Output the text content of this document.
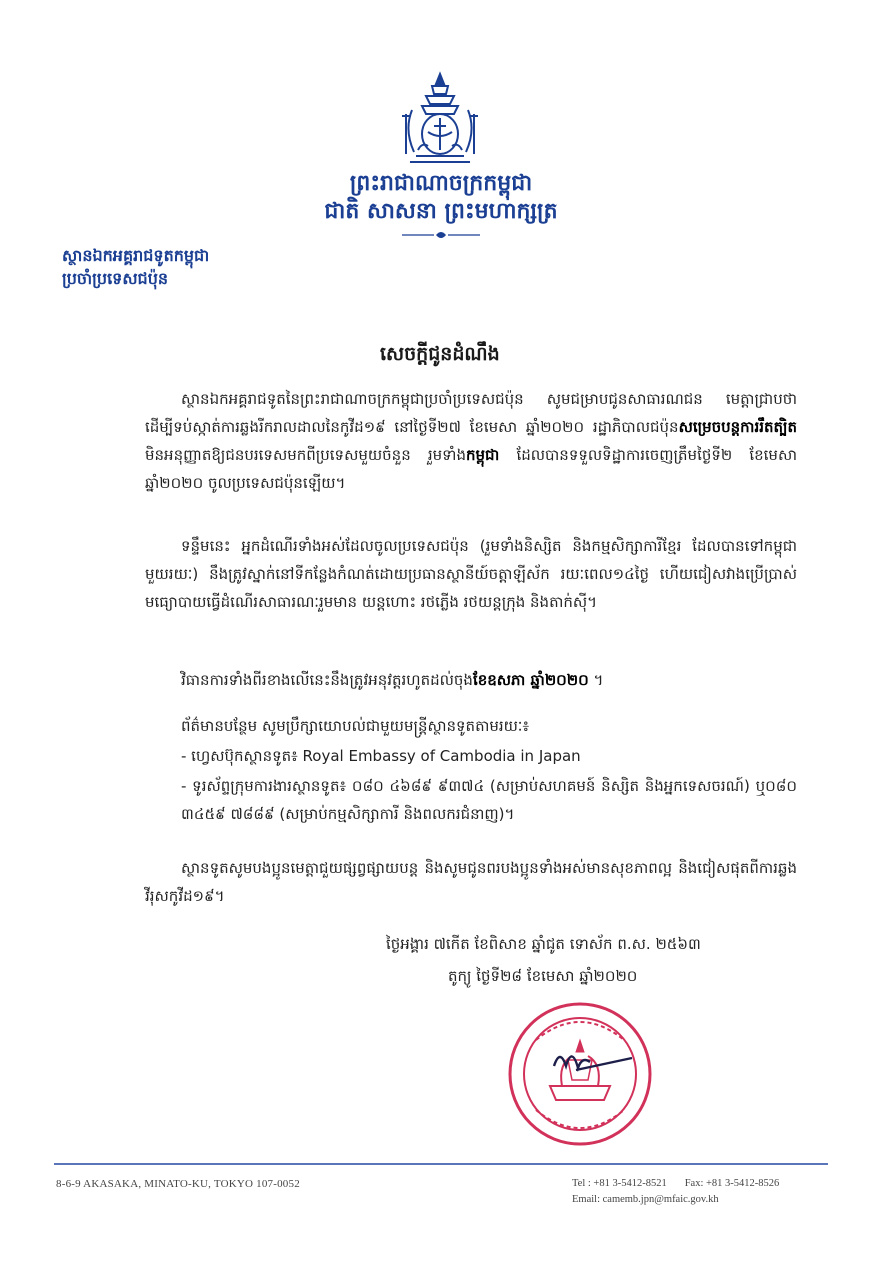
ព្រះរាជាណាចក្រកម្ពុជា
ជាតិ សាសនា ព្រះមហាក្សត្រ
ស្ថានឯកអគ្គរាជទូតកម្ពុជា
ប្រចាំប្រទេសជប៉ុន
សេចក្តីជូនដំណឹង

ស្ថានឯកអគ្គរាជទូតនៃព្រះរាជាណាចក្រកម្ពុជាប្រចាំប្រទេសជប៉ុន សូមជម្រាបជូនសាធារណជន មេត្តាជ្រាបថា ដើម្បីទប់ស្កាត់ការឆ្លងរីករាលដាលនៃកូវីដ១៩ នៅថ្ងៃទី២៧ ខែមេសា ឆ្នាំ២០២០ រដ្ឋាភិបាលជប៉ុនសម្រេចបន្តការរឹតត្បិតមិនអនុញ្ញាតឱ្យជនបរទេសមកពីប្រទេសមួយចំនួន រួមទាំងកម្ពុជា ដែលបានទទួលទិដ្ឋាការចេញត្រឹមថ្ងៃទី២ ខែមេសា ឆ្នាំ២០២០ ចូលប្រទេសជប៉ុនឡើយ។

ទន្ទឹមនេះ អ្នកដំណើរទាំងអស់ដែលចូលប្រទេសជប៉ុន (រួមទាំងនិស្សិត និងកម្មសិក្សាការីខ្មែរ ដែលបានទៅកម្ពុជាមួយរយៈ) នឹងត្រូវស្នាក់នៅទីកន្លែងកំណត់ដោយប្រធានស្ថានីយ៍ចត្តាឡីស័ក រយៈពេល១៤ថ្ងៃ ហើយជៀសវាងប្រើប្រាស់មធ្យោបាយធ្វើដំណើរសាធារណៈរួមមាន យន្តហោះ រថភ្លើង រថយន្តក្រុង និងតាក់ស៊ី។

វិធានការទាំងពីរខាងលើនេះនឹងត្រូវអនុវត្តរហូតដល់ចុងខែឧសភា ឆ្នាំ២០២០ ។

ព័ត៌មានបន្ថែម សូមប្រឹក្សាយោបល់ជាមួយមន្ត្រីស្ថានទូតតាមរយៈ៖

- ហ្វេសប៊ុកស្ថានទូត៖ Royal Embassy of Cambodia in Japan

- ទូរស័ព្ទក្រុមការងារស្ថានទូត៖ ០៨០ ៤៦៨៩ ៩៣៧៤ (សម្រាប់សហគមន៍ និស្សិត និងអ្នកទេសចរណ៍) ឬ០៨០ ៣៤៥៩ ៧៨៨៩ (សម្រាប់កម្មសិក្សាការី និងពលករជំនាញ)។

ស្ថានទូតសូមបងប្អូនមេត្តាជួយផ្សព្វផ្សាយបន្ត និងសូមជូនពរបងប្អូនទាំងអស់មានសុខភាពល្អ និងជៀសផុតពីការឆ្លងវីរុសកូវីដ១៩។

ថ្ងៃអង្គារ ៧កើត ខែពិសាខ ឆ្នាំជូត ទោស័ក ព.ស. ២៥៦៣
តូក្យូ ថ្ងៃទី២៨ ខែមេសា ឆ្នាំ២០២០
8-6-9 AKASAKA, MINATO-KU, TOKYO 107-0052	Tel : +81 3-5412-8521 Fax: +81 3-5412-8526
Email: camemb.jpn@mfaic.gov.kh
